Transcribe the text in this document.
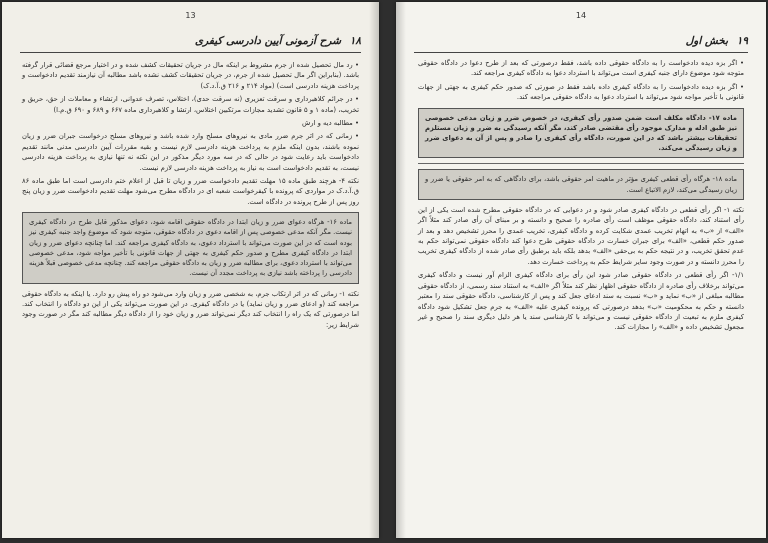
13
۱۸
شرح آزمونی آیین دادرسی کیفری

• رد مال تحصیل شده از جرم مشروط بر اینکه مال در جریان تحقیقات کشف شده و در اختیار مرجع قضائی قرار گرفته باشد. (بنابراین اگر مال تحصیل شده از جرم، در جریان تحقیقات کشف نشده باشد مطالبه آن نیازمند تقدیم دادخواست و پرداخت هزینه دادرسی است) (مواد ۲۱۴ و ۲۱۶ ق.آ.د.ک)

• در جرائم کلاهبرداری و سرقت تعزیری (نه سرقت حدی)، اختلاس، تصرف عدوانی، ارتشاء و معاملات از حق، حریق و تخریب، (ماده ۱ و ۵ قانون تشدید مجازات مرتکبین اختلاس، ارتشا و کلاهبرداری ماده ۶۶۷ و ۶۸۹ و ۶۹۰ ق.م.ا)

• مطالبه دیه و ارش

• زمانی که در اثر جرم ضرر مادی به نیروهای مسلح وارد شده باشد و نیروهای مسلح درخواست جبران ضرر و زیان نموده باشند، بدون اینکه ملزم به پرداخت هزینه دادرسی لازم نیست و بقیه مقررات آیین دادرسی مدنی مانند تقدیم دادخواست باید رعایت شود در حالی که در سه مورد دیگر مذکور در این نکته نه تنها نیازی به پرداخت هزینه دادرسی نیست، به تقدیم دادخواست است به نیاز به پرداخت هزینه دادرسی لازم نیست.

نکته ۴- هرچند طبق ماده ۱۵ مهلت تقدیم دادخواست ضرر و زیان تا قبل از اعلام ختم دادرسی است اما طبق ماده ۸۶ ق.آ.د.ک در مواردی که پرونده با کیفرخواست شعبه ای در دادگاه مطرح می‌شود مهلت تقدیم دادخواست ضرر و زیان پنج روز پس از طرح پرونده در دادگاه است.

ماده ۱۶- هرگاه دعوای ضرر و زیان ابتدا در دادگاه حقوقی اقامه شود، دعوای مذکور قابل طرح در دادگاه کیفری نیست. مگر آنکه مدعی خصوصی پس از اقامه دعوی در دادگاه حقوقی، متوجه شود که موضوع واجد جنبه کیفری نیز بوده است که در این صورت می‌تواند با استرداد دعوی، به دادگاه کیفری مراجعه کند. اما چنانچه دعوای ضرر و زیان ابتدا در دادگاه کیفری مطرح و صدور حکم کیفری به جهتی از جهات قانونی با تأخیر مواجه شود، مدعی خصوصی می‌تواند با استرداد دعوی، برای مطالبه ضرر و زیان به دادگاه حقوقی مراجعه کند. چنانچه مدعی خصوصی قبلاً هزینه دادرسی را پرداخته باشد نیازی به پرداخت مجدد آن نیست.

نکته ۱- زمانی که در اثر ارتکاب جرم، به شخصی ضرر و زیان وارد می‌شود دو راه پیش رو دارد. یا اینکه به دادگاه حقوقی مراجعه کند (و ادعای ضرر و زیان نماید) یا در دادگاه کیفری. در این صورت می‌تواند یکی از این دو دادگاه را انتخاب کند. اما درصورتی که یک راه را انتخاب کند دیگر نمی‌تواند ضرر و زیان خود را از دادگاه دیگر مطالبه کند مگر در صورت وجود شرایط زیر:

14
۱۹
بخش اول

• اگر بزه دیده دادخواست را به دادگاه حقوقی داده باشد، فقط درصورتی که بعد از طرح دعوا در دادگاه حقوقی متوجه شود موضوع دارای جنبه کیفری است می‌تواند با استرداد دعوا به دادگاه کیفری مراجعه کند.

• اگر بزه دیده دادخواست را به دادگاه کیفری داده باشد فقط در صورتی که صدور حکم کیفری به جهتی از جهات قانونی با تأخیر مواجه شود می‌تواند با استرداد دعوا به دادگاه حقوقی مراجعه کند.

ماده ۱۷- دادگاه مکلف است ضمن صدور رأی کیفری، در خصوص ضرر و زیان مدعی خصوصی نیز طبق ادله و مدارک موجود رأی مقتضی صادر کند، مگر آنکه رسیدگی به ضرر و زیان مستلزم تحقیقات بیشتر باشد که در این صورت، دادگاه رأی کیفری را صادر و پس از آن به دعوای ضرر و زیان رسیدگی می‌کند.
ماده ۱۸- هرگاه رأی قطعی کیفری مؤثر در ماهیت امر حقوقی باشد، برای دادگاهی که به امر حقوقی یا ضرر و زیان رسیدگی می‌کند، لازم الاتباع است.

نکته ۱- اگر رأی قطعی در دادگاه کیفری صادر شود و در دعوایی که در دادگاه حقوقی مطرح شده است یکی از این رأی استناد کند، دادگاه حقوقی موظف است رأی صادره را صحیح و دانسته و بر مبنای آن رأی صادر کند مثلاً اگر «الف» از «ب» به اتهام تخریب عمدی شکایت کرده و دادگاه کیفری، تخریب عمدی را محرز تشخیص دهد و بعد از صدور حکم قطعی، «الف» برای جبران خسارت در دادگاه حقوقی طرح دعوا کند دادگاه حقوقی نمی‌تواند حکم به عدم تحقق تخریب، و در نتیجه حکم به بی‌حقی «الف» بدهد بلکه باید برطبق رأی صادر شده از دادگاه کیفری تخریب را محرز دانسته و در صورت وجود سایر شرایط حکم به پرداخت خسارت دهد.

۱/۱- اگر رأی قطعی در دادگاه حقوقی صادر شود این رأی برای دادگاه کیفری الزام آور نیست و دادگاه کیفری می‌تواند برخلاف رأی صادره از دادگاه حقوقی اظهار نظر کند مثلاً اگر «الف» به استناد سند رسمی، از دادگاه حقوقی مطالبه مبلغی از «ب» نماید و «ب» نسبت به سند ادعای جعل کند و پس از کارشناسی، دادگاه حقوقی سند را معتبر دانسته و حکم به محکومیت «ب» بدهد درصورتی که پرونده کیفری علیه «الف» به جرم جعل تشکیل شود دادگاه کیفری ملزم به تبعیت از دادگاه حقوقی نیست و می‌تواند با کارشناسی سند یا هر دلیل دیگری سند را صحیح و غیر مجعول تشخیص داده و «الف» را مجازات کند.
